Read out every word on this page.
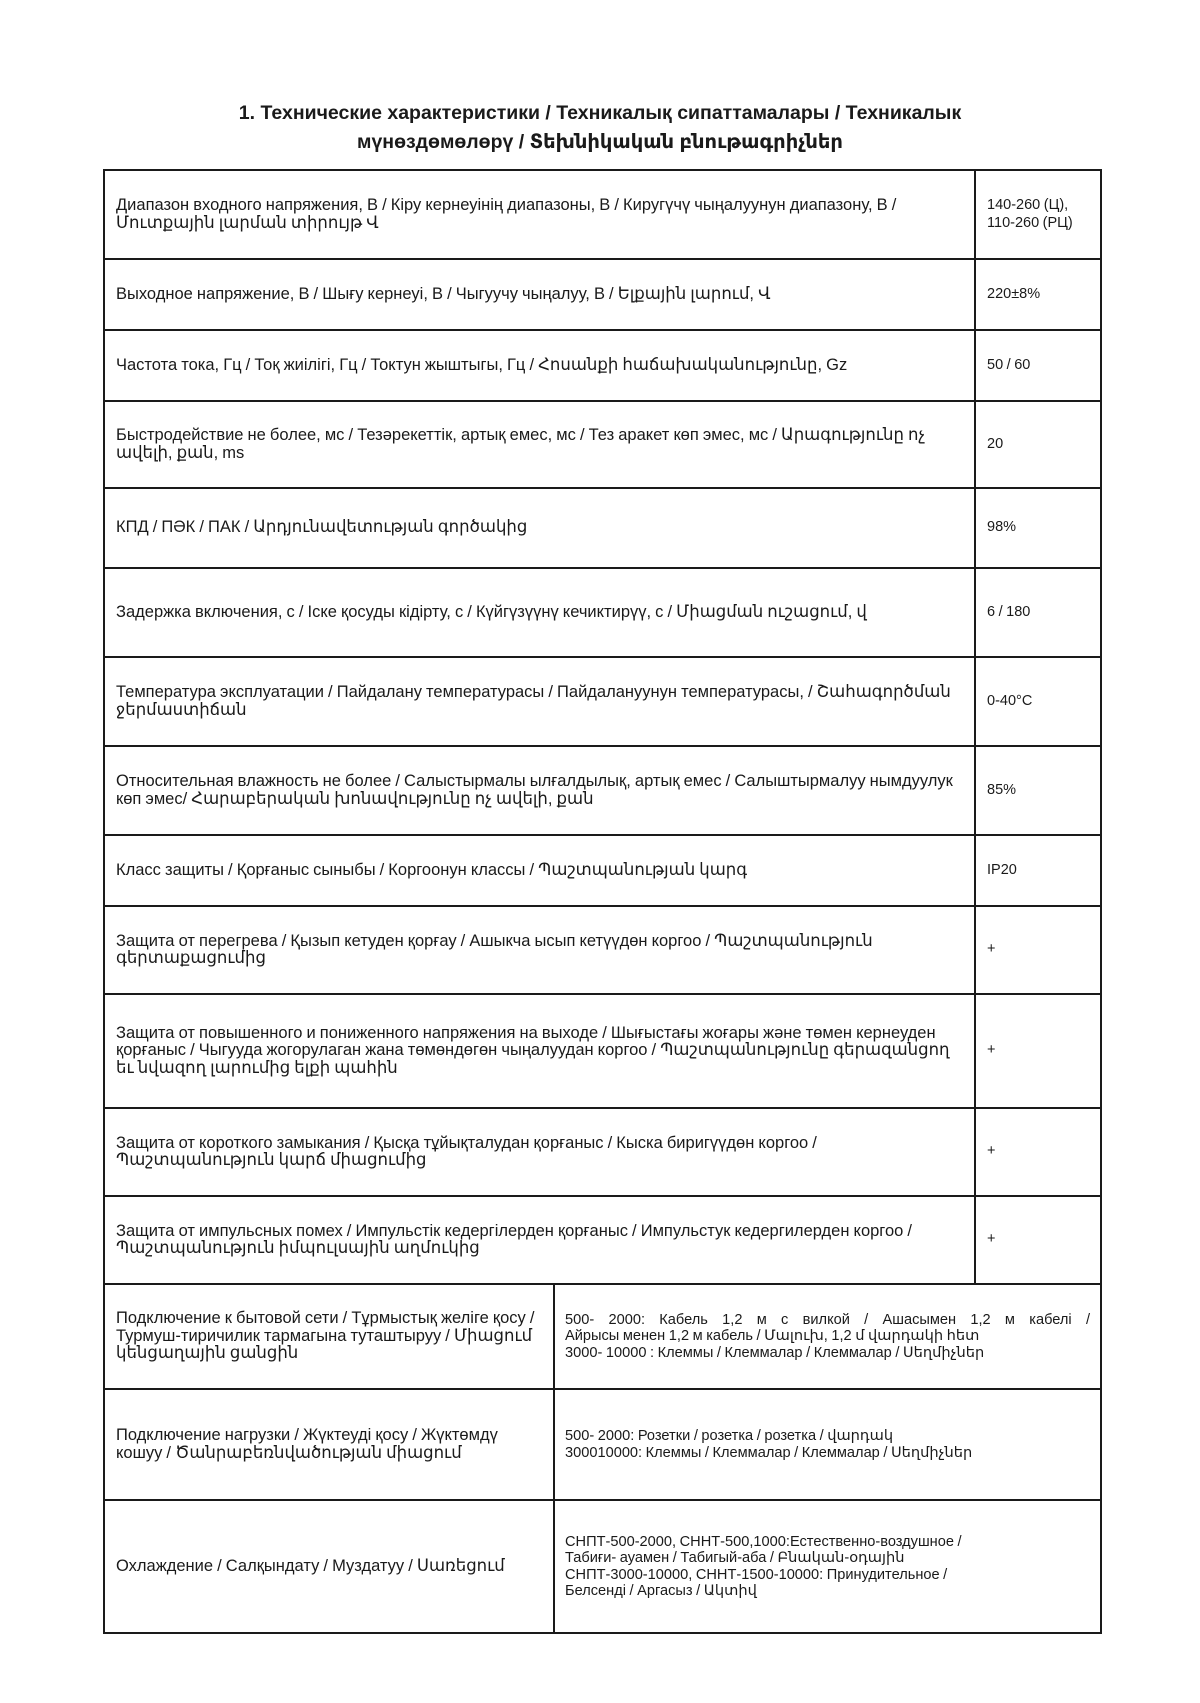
1. Технические характеристики / Техникалық сипаттамалары / Техникалык
мүнөздөмөлөрү / Տեխնիկական բնութագրիչներ
Диапазон входного напряжения, В / Кіру кернеуінің диапазоны, В / Киругүчү чыңалуунун диапазону, В / Մուտքային լարման տիրույթ Վ		140-260 (Ц),
110-260 (РЦ)

Выходное напряжение, В / Шығу кернеуі, В / Чыгуучу чыңалуу, В / Ելքային լարում, Վ		220±8%

Частота тока, Гц / Тоқ жиілігі, Гц / Токтун жыштыгы, Гц / Հոսանքի հաճախականությունը, Gz		50 / 60

Быстродействие не более, мс / Тезәрекеттік, артық емес, мс / Тез аракет көп эмес, мс / Արագությունը ոչ ավելի, քան, ms		20

КПД / ПӘК / ПАК / Արդյունավետության գործակից		98%

Задержка включения, с / Іске қосуды кідірту, с / Күйгүзүүнү кечиктирүү, с / Միացման ուշացում, վ		6 / 180

Температура эксплуатации / Пайдалану температурасы / Пайдалануунун температурасы, / Շահագործման ջերմաստիճան		0-40°C

Относительная влажность не более / Салыстырмалы ылғалдылық, артық емес / Салыштырмалуу нымдуулук көп эмес/ Հարաբերական խոնավությունը ոչ ավելի, քան		85%

Класс защиты / Қорғаныс сыныбы / Коргоонун классы / Պաշտպանության կարգ		IP20

Защита от перегрева / Қызып кетуден қорғау / Ашыкча ысып кетүүдөн коргоо / Պաշտպանություն գերտաքացումից		+

Защита от повышенного и пониженного напряжения на выходе / Шығыстағы жоғары және төмен кернеуден қорғаныс / Чыгууда жогорулаган жана төмөндөгөн чыңалуудан коргоо / Պաշտպանությունը գերազանցող եւ նվազող լարումից ելքի պահին		+

Защита от короткого замыкания / Қысқа тұйықталудан қорғаныс / Кыска биригүүдөн коргоо / Պաշտպանություն կարճ միացումից		+

Защита от импульсных помех / Импульстік кедергілерден қорғаныс / Импульстук кедергилерден коргоо / Պաշտպանություն իմպուլսային աղմուկից		+

Подключение к бытовой сети / Тұрмыстық желіге қосу / Турмуш-тиричилик тармагына туташтыруу / Միացում կենցաղային ցանցին	500- 2000: Кабель 1,2 м с вилкой / Ашасымен 1,2 м кабелі /
Айрысы менен 1,2 м кабель / Մալուխ, 1,2 մ վարդակի հետ
3000- 10000 : Клеммы / Клеммалар / Клеммалар / Սեղմիչներ	

Подключение нагрузки / Жүктеуді қосу / Жүктөмдү кошуу / Ծանրաբեռնվածության միացում	500- 2000: Розетки / розетка / розетка / վարդակ
300010000: Клеммы / Клеммалар / Клеммалар / Սեղմիչներ	

Охлаждение / Салқындату / Муздатуу / Սառեցում	СНПТ-500-2000, СННТ-500,1000:Естественно-воздушное /
Табиғи- ауамен / Табигый-аба / Բնական-օդային
СНПТ-3000-10000, СННТ-1500-10000: Принудительное /
Белсенді / Аргасыз / Ակտիվ	
